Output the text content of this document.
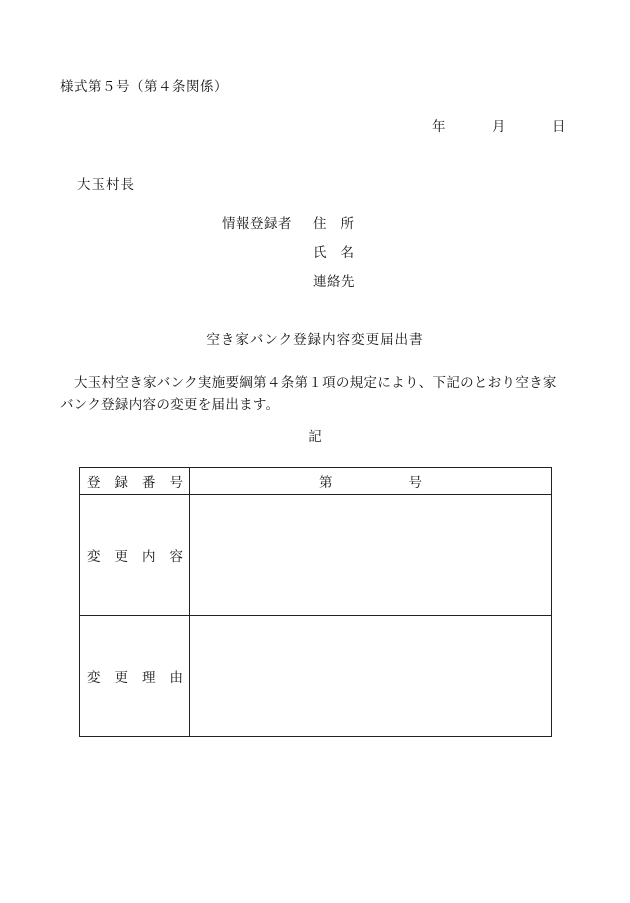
様式第５号（第４条関係）
年	月	日
大玉村長
情報登録者 住所
氏名
連絡先
空き家バンク登録内容変更届出書
大玉村空き家バンク実施要綱第４条第１項の規定により、下記のとおり空き家バンク登録内容の変更を届出ます。
記
登 録 番 号	第 号

変 更 内 容	

変 更 理 由	
